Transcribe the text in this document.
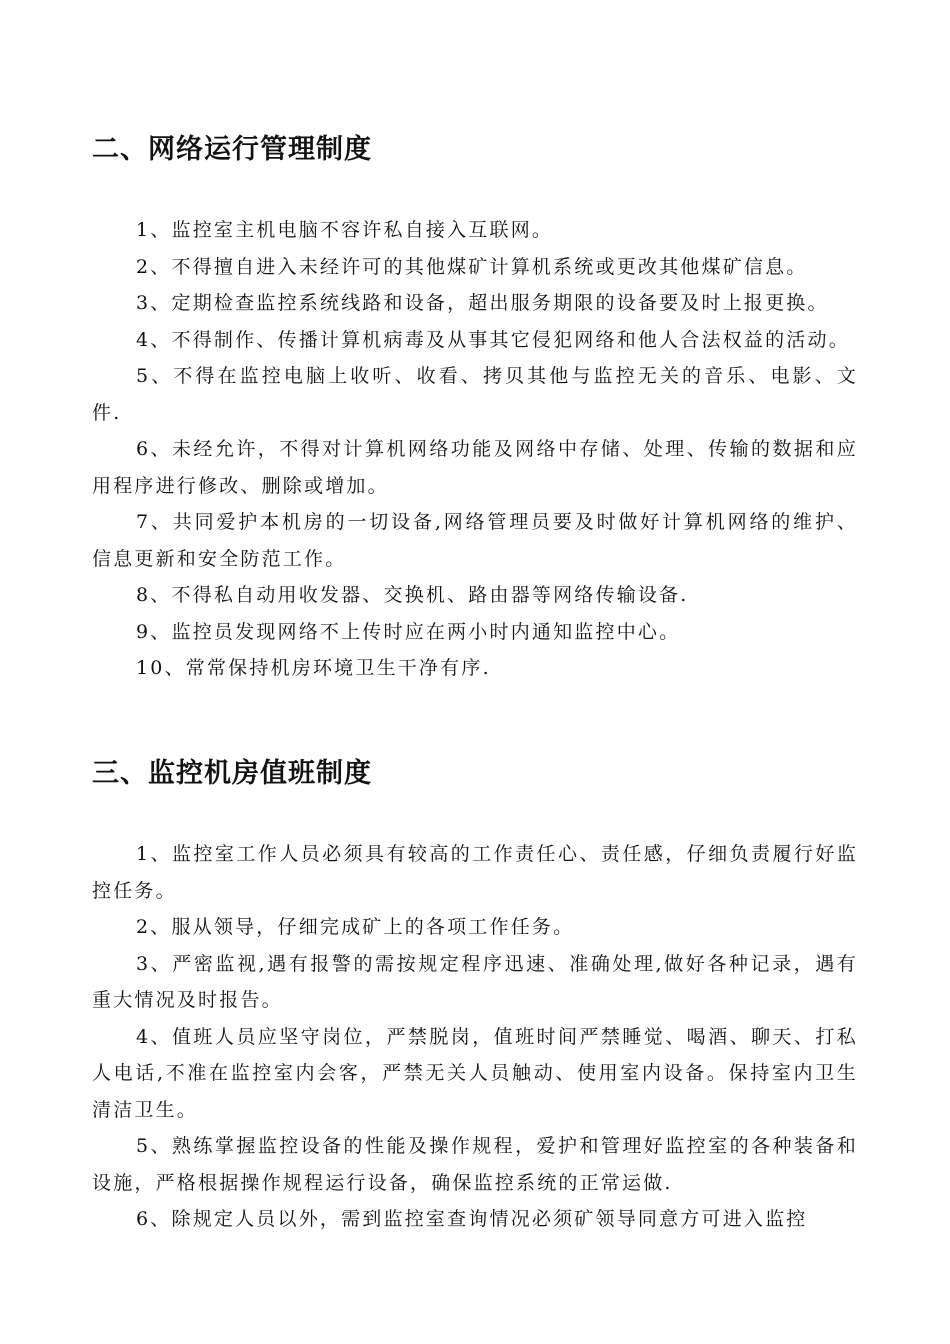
二、网络运行管理制度

1、监控室主机电脑不容许私自接入互联网。

2、不得擅自进入未经许可的其他煤矿计算机系统或更改其他煤矿信息。

3、定期检查监控系统线路和设备，超出服务期限的设备要及时上报更换。

4、不得制作、传播计算机病毒及从事其它侵犯网络和他人合法权益的活动。

5、不得在监控电脑上收听、收看、拷贝其他与监控无关的音乐、电影、文件.

6、未经允许，不得对计算机网络功能及网络中存储、处理、传输的数据和应用程序进行修改、删除或增加。

7、共同爱护本机房的一切设备,网络管理员要及时做好计算机网络的维护、信息更新和安全防范工作。

8、不得私自动用收发器、交换机、路由器等网络传输设备.

9、监控员发现网络不上传时应在两小时内通知监控中心。

10、常常保持机房环境卫生干净有序.

三、监控机房值班制度

1、监控室工作人员必须具有较高的工作责任心、责任感，仔细负责履行好监控任务。

2、服从领导，仔细完成矿上的各项工作任务。

3、严密监视,遇有报警的需按规定程序迅速、准确处理,做好各种记录，遇有重大情况及时报告。

4、值班人员应坚守岗位，严禁脱岗，值班时间严禁睡觉、喝酒、聊天、打私人电话,不准在监控室内会客，严禁无关人员触动、使用室内设备。保持室内卫生清洁卫生。

5、熟练掌握监控设备的性能及操作规程，爱护和管理好监控室的各种装备和设施，严格根据操作规程运行设备，确保监控系统的正常运做.

6、除规定人员以外，需到监控室查询情况必须矿领导同意方可进入监控
